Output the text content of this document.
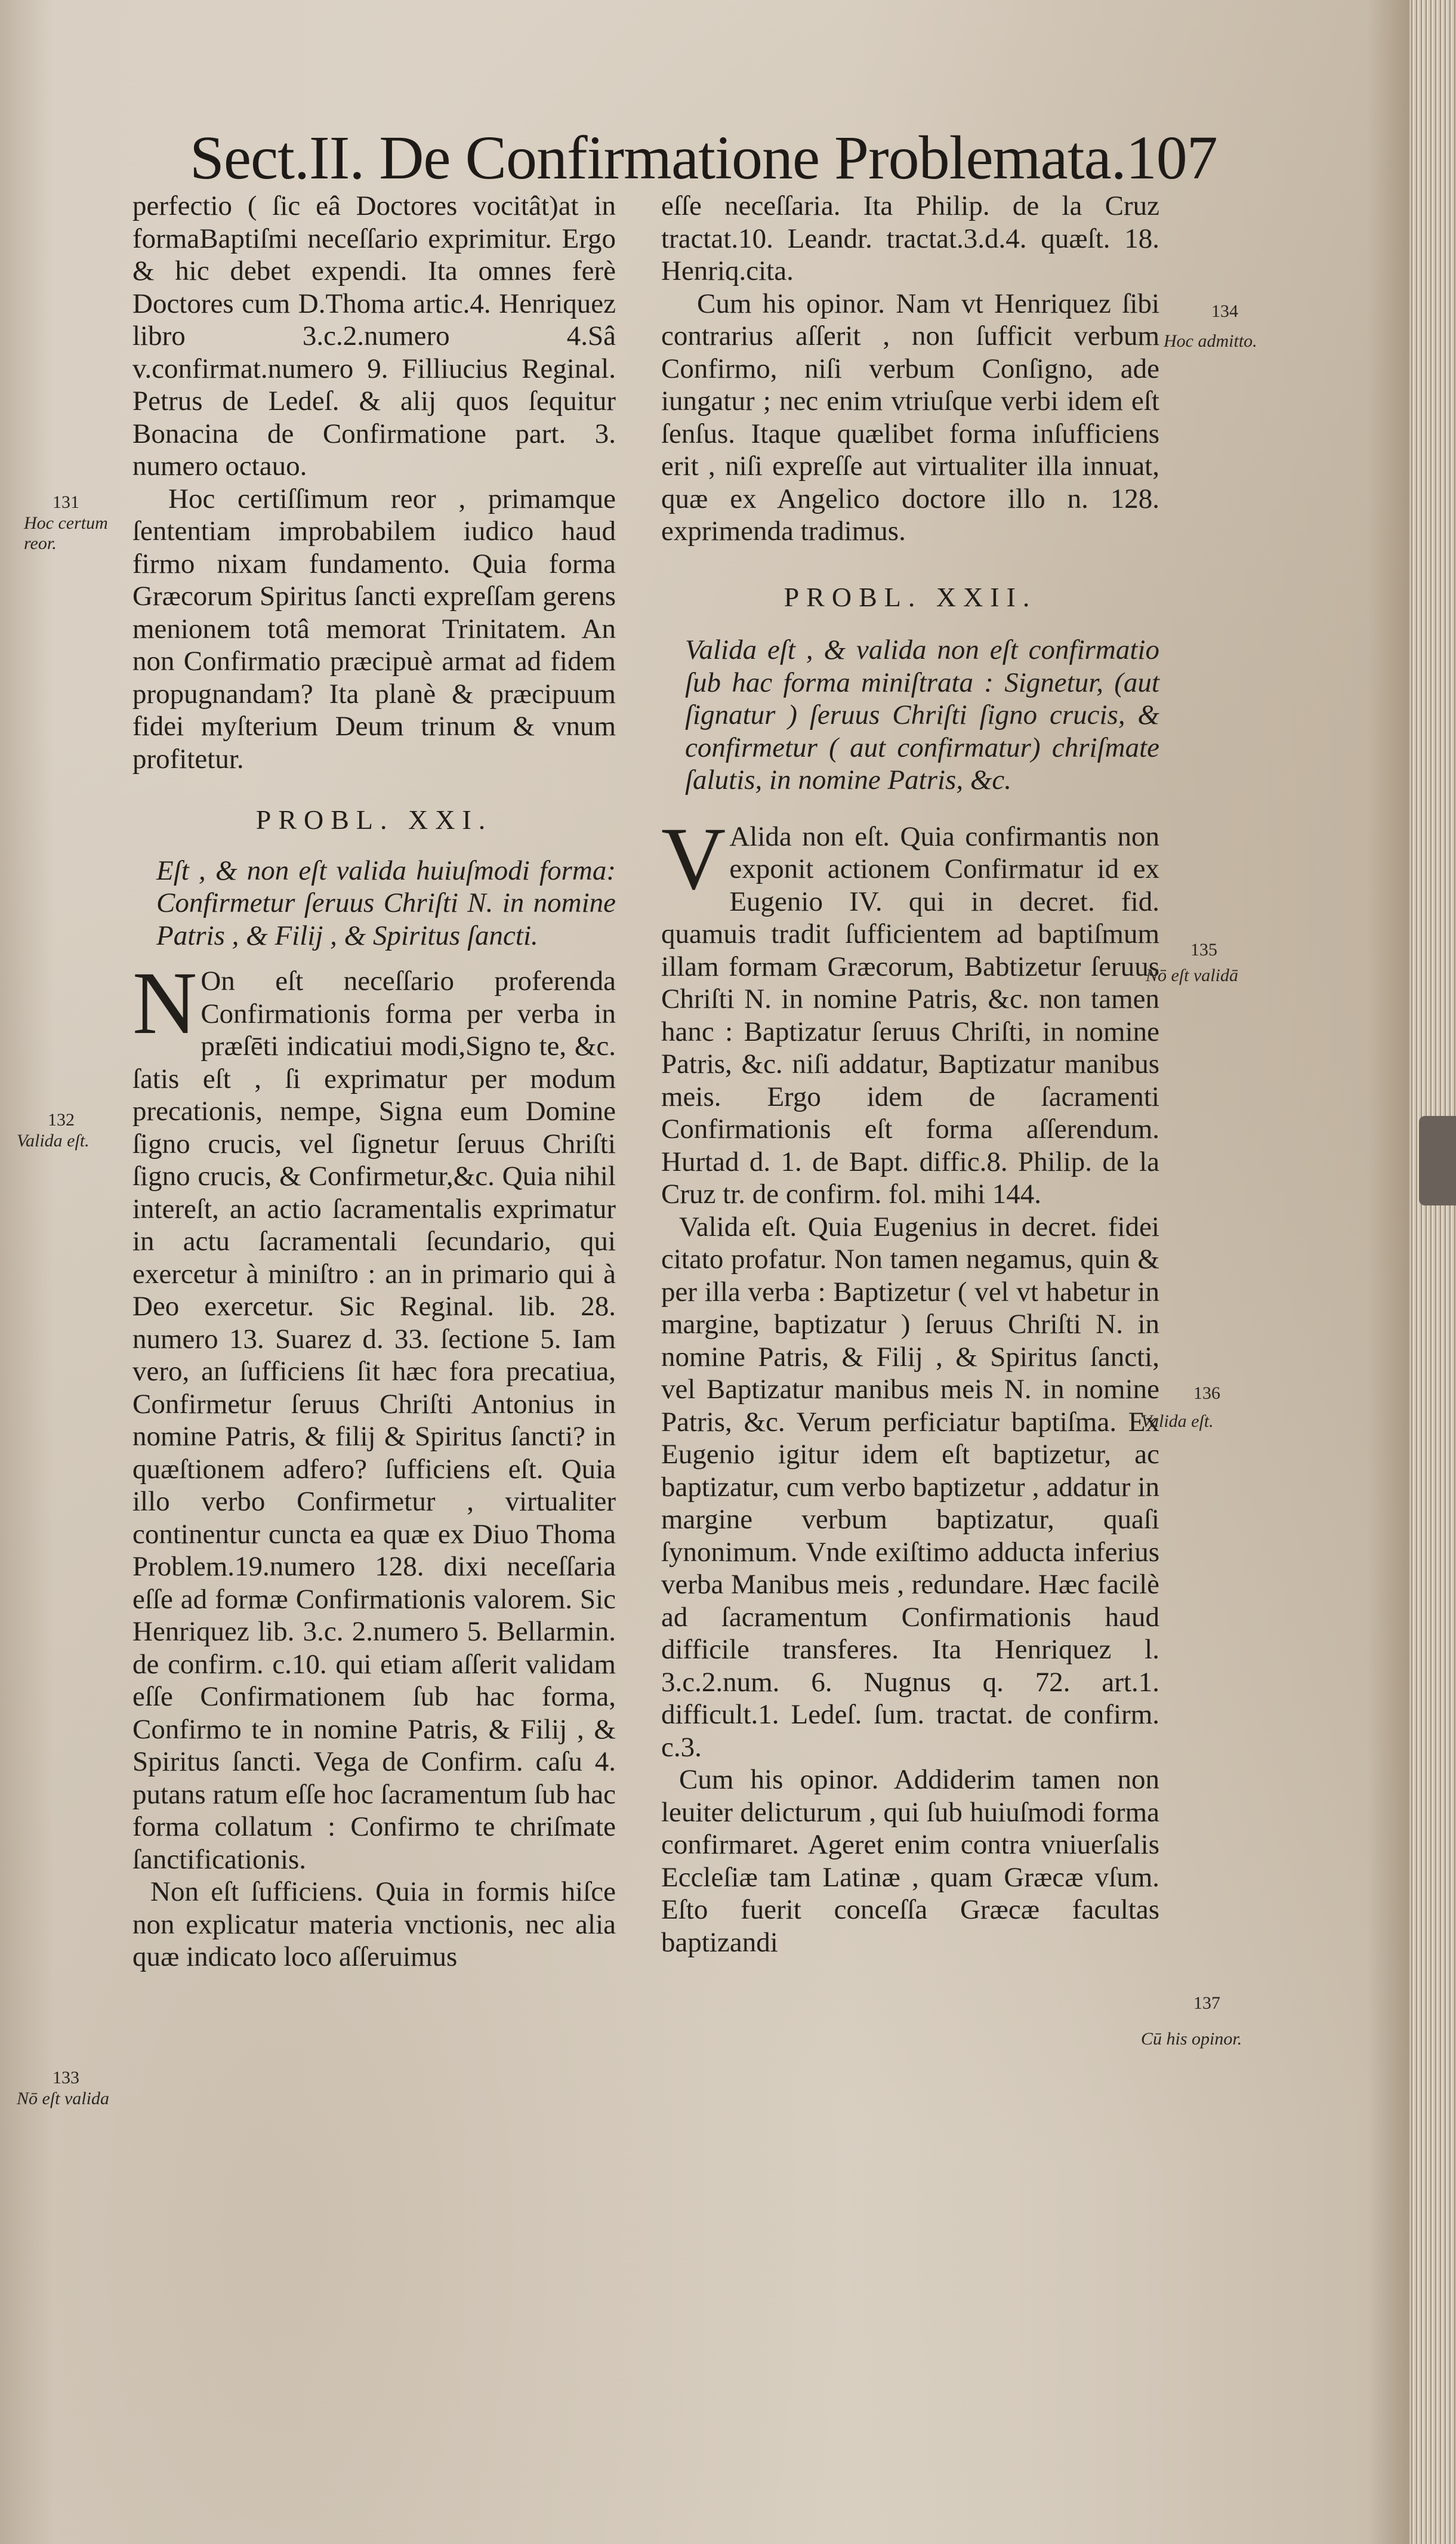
Sect.II. De Confirmatione Problemata.107

perfectio ( ſic eâ Doctores vocitât)at in formaBaptiſmi neceſſario exprimitur. Ergo & hic debet expendi. Ita omnes ferè Doctores cum D.Thoma artic.4. Henriquez libro 3.c.2.numero 4.Sâ v.confirmat.numero 9. Filliucius Reginal. Petrus de Ledeſ. & alij quos ſequitur Bonacina de Confirmatione part. 3. numero octauo.

Hoc certiſſimum reor , primamque ſententiam improbabilem iudico haud firmo nixam fundamento. Quia forma Græcorum Spiritus ſancti expreſſam gerens menionem totâ memorat Trinitatem. An non Confirmatio præcipuè armat ad fidem propugnandam? Ita planè & præcipuum fidei myſterium Deum trinum & vnum profitetur.

PROBL. XXI.

Eſt , & non eſt valida huiuſmodi forma: Confirmetur ſeruus Chriſti N. in nomine Patris , & Filij , & Spiritus ſancti.

N On eſt neceſſario proferenda Confirmationis forma per verba in præſēti indicatiui modi,Signo te, &c. ſatis eſt , ſi exprimatur per modum precationis, nempe, Signa eum Domine ſigno crucis, vel ſignetur ſeruus Chriſti ſigno crucis, & Confirmetur,&c. Quia nihil intereſt, an actio ſacramentalis exprimatur in actu ſacramentali ſecundario, qui exercetur à miniſtro : an in primario qui à Deo exercetur. Sic Reginal. lib. 28. numero 13. Suarez d. 33. ſectione 5. Iam vero, an ſufficiens ſit hæc fora precatiua, Confirmetur ſeruus Chriſti Antonius in nomine Patris, & filij & Spiritus ſancti? in quæſtionem adfero? ſufficiens eſt. Quia illo verbo Confirmetur , virtualiter continentur cuncta ea quæ ex Diuo Thoma Problem.19.numero 128. dixi neceſſaria eſſe ad formæ Confirmationis valorem. Sic Henriquez lib. 3.c. 2.numero 5. Bellarmin. de confirm. c.10. qui etiam aſſerit validam eſſe Confirmationem ſub hac forma, Confirmo te in nomine Patris, & Filij , & Spiritus ſancti. Vega de Confirm. caſu 4. putans ratum eſſe hoc ſacramentum ſub hac forma collatum : Confirmo te chriſmate ſanctificationis.

Non eſt ſufficiens. Quia in formis hiſce non explicatur materia vnctionis, nec alia quæ indicato loco aſſeruimus

eſſe neceſſaria. Ita Philip. de la Cruz tractat.10. Leandr. tractat.3.d.4. quæſt. 18. Henriq.cita.

Cum his opinor. Nam vt Henriquez ſibi contrarius aſſerit , non ſufficit verbum Confirmo, niſi verbum Conſigno, ade iungatur ; nec enim vtriuſque verbi idem eſt ſenſus. Itaque quælibet forma inſufficiens erit , niſi expreſſe aut virtualiter illa innuat, quæ ex Angelico doctore illo n. 128. exprimenda tradimus.

PROBL. XXII.

Valida eſt , & valida non eſt confirmatio ſub hac forma miniſtrata : Signetur, (aut ſignatur ) ſeruus Chriſti ſigno crucis, & confirmetur ( aut confirmatur) chriſmate ſalutis, in nomine Patris, &c.

V Alida non eſt. Quia confirmantis non exponit actionem Confirmatur id ex Eugenio IV. qui in decret. fid. quamuis tradit ſufficientem ad baptiſmum illam formam Græcorum, Babtizetur ſeruus Chriſti N. in nomine Patris, &c. non tamen hanc : Baptizatur ſeruus Chriſti, in nomine Patris, &c. niſi addatur, Baptizatur manibus meis. Ergo idem de ſacramenti Confirmationis eſt forma aſſerendum. Hurtad d. 1. de Bapt. diffic.8. Philip. de la Cruz tr. de confirm. fol. mihi 144.

Valida eſt. Quia Eugenius in decret. fidei citato profatur. Non tamen negamus, quin & per illa verba : Baptizetur ( vel vt habetur in margine, baptizatur ) ſeruus Chriſti N. in nomine Patris, & Filij , & Spiritus ſancti, vel Baptizatur manibus meis N. in nomine Patris, &c. Verum perficiatur baptiſma. Ex Eugenio igitur idem eſt baptizetur, ac baptizatur, cum verbo baptizetur , addatur in margine verbum baptizatur, quaſi ſynonimum. Vnde exiſtimo adducta inferius verba Manibus meis , redundare. Hæc facilè ad ſacramentum Confirmationis haud difficile transferes. Ita Henriquez l. 3.c.2.num. 6. Nugnus q. 72. art.1. difficult.1. Ledeſ. ſum. tractat. de confirm. c.3.

Cum his opinor. Addiderim tamen non leuiter delicturum , qui ſub huiuſmodi forma confirmaret. Ageret enim contra vniuerſalis Eccleſiæ tam Latinæ , quam Græcæ vſum. Eſto fuerit conceſſa Græcæ facultas baptizandi

131
Hoc certum reor.
132
Valida eſt.
133
Nō eſt valida
134
Hoc admitto.
135
Nō eſt validā
136
Valida eſt.
137
Cū his opinor.
